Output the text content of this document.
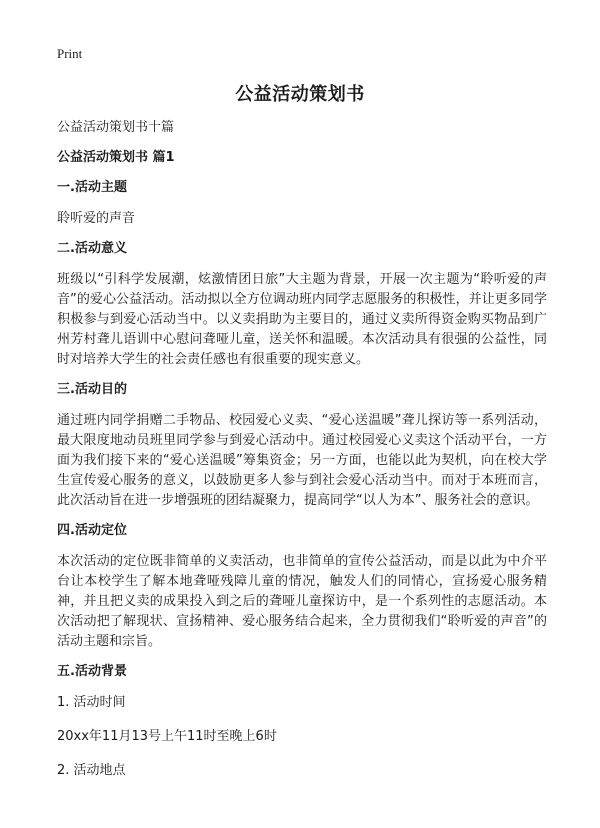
Print
公益活动策划书

公益活动策划书十篇

公益活动策划书 篇1

一.活动主题

聆听爱的声音

二.活动意义

班级以“引科学发展潮，炫激情团日旅”大主题为背景，开展一次主题为“聆听爱的声音”的爱心公益活动。活动拟以全方位调动班内同学志愿服务的积极性，并让更多同学积极参与到爱心活动当中。以义卖捐助为主要目的，通过义卖所得资金购买物品到广州芳村聋儿语训中心慰问聋哑儿童，送关怀和温暖。本次活动具有很强的公益性，同时对培养大学生的社会责任感也有很重要的现实意义。

三.活动目的

通过班内同学捐赠二手物品、校园爱心义卖、“爱心送温暖”聋儿探访等一系列活动，最大限度地动员班里同学参与到爱心活动中。通过校园爱心义卖这个活动平台，一方面为我们接下来的“爱心送温暖”筹集资金；另一方面，也能以此为契机，向在校大学生宣传爱心服务的意义，以鼓励更多人参与到社会爱心活动当中。而对于本班而言，此次活动旨在进一步增强班的团结凝聚力，提高同学“以人为本”、服务社会的意识。

四.活动定位

本次活动的定位既非简单的义卖活动，也非简单的宣传公益活动，而是以此为中介平台让本校学生了解本地聋哑残障儿童的情况，触发人们的同情心，宣扬爱心服务精神，并且把义卖的成果投入到之后的聋哑儿童探访中，是一个系列性的志愿活动。本次活动把了解现状、宣扬精神、爱心服务结合起来，全力贯彻我们“聆听爱的声音”的活动主题和宗旨。

五.活动背景

1. 活动时间

20xx年11月13号上午11时至晚上6时

2. 活动地点
